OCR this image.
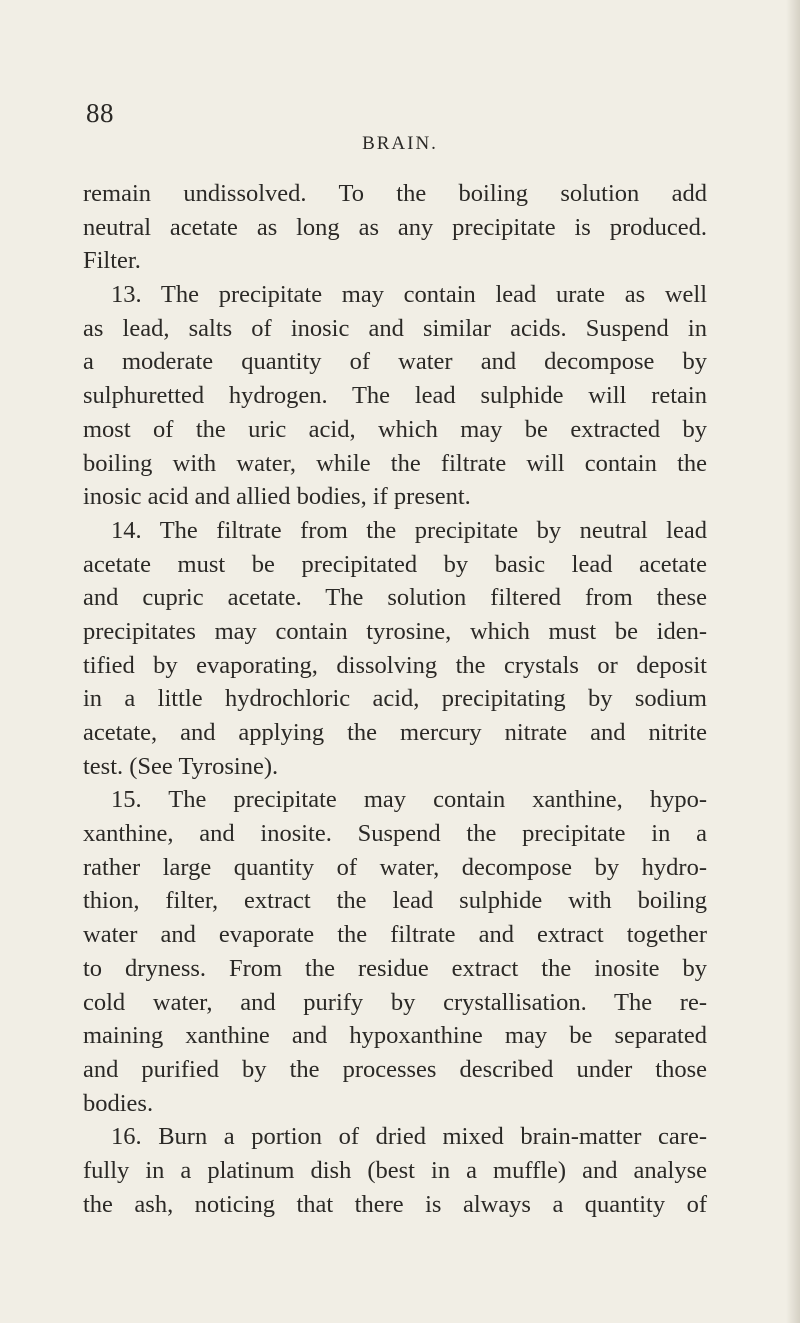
88
BRAIN.
remain undissolved. To the boiling solution add
neutral acetate as long as any precipitate is produced.
Filter.
13. The precipitate may contain lead urate as well
as lead, salts of inosic and similar acids. Suspend in
a moderate quantity of water and decompose by
sulphuretted hydrogen. The lead sulphide will retain
most of the uric acid, which may be extracted by
boiling with water, while the filtrate will contain the
inosic acid and allied bodies, if present.
14. The filtrate from the precipitate by neutral lead
acetate must be precipitated by basic lead acetate
and cupric acetate. The solution filtered from these
precipitates may contain tyrosine, which must be iden-
tified by evaporating, dissolving the crystals or deposit
in a little hydrochloric acid, precipitating by sodium
acetate, and applying the mercury nitrate and nitrite
test. (See Tyrosine).
15. The precipitate may contain xanthine, hypo-
xanthine, and inosite. Suspend the precipitate in a
rather large quantity of water, decompose by hydro-
thion, filter, extract the lead sulphide with boiling
water and evaporate the filtrate and extract together
to dryness. From the residue extract the inosite by
cold water, and purify by crystallisation. The re-
maining xanthine and hypoxanthine may be separated
and purified by the processes described under those
bodies.
16. Burn a portion of dried mixed brain-matter care-
fully in a platinum dish (best in a muffle) and analyse
the ash, noticing that there is always a quantity of
